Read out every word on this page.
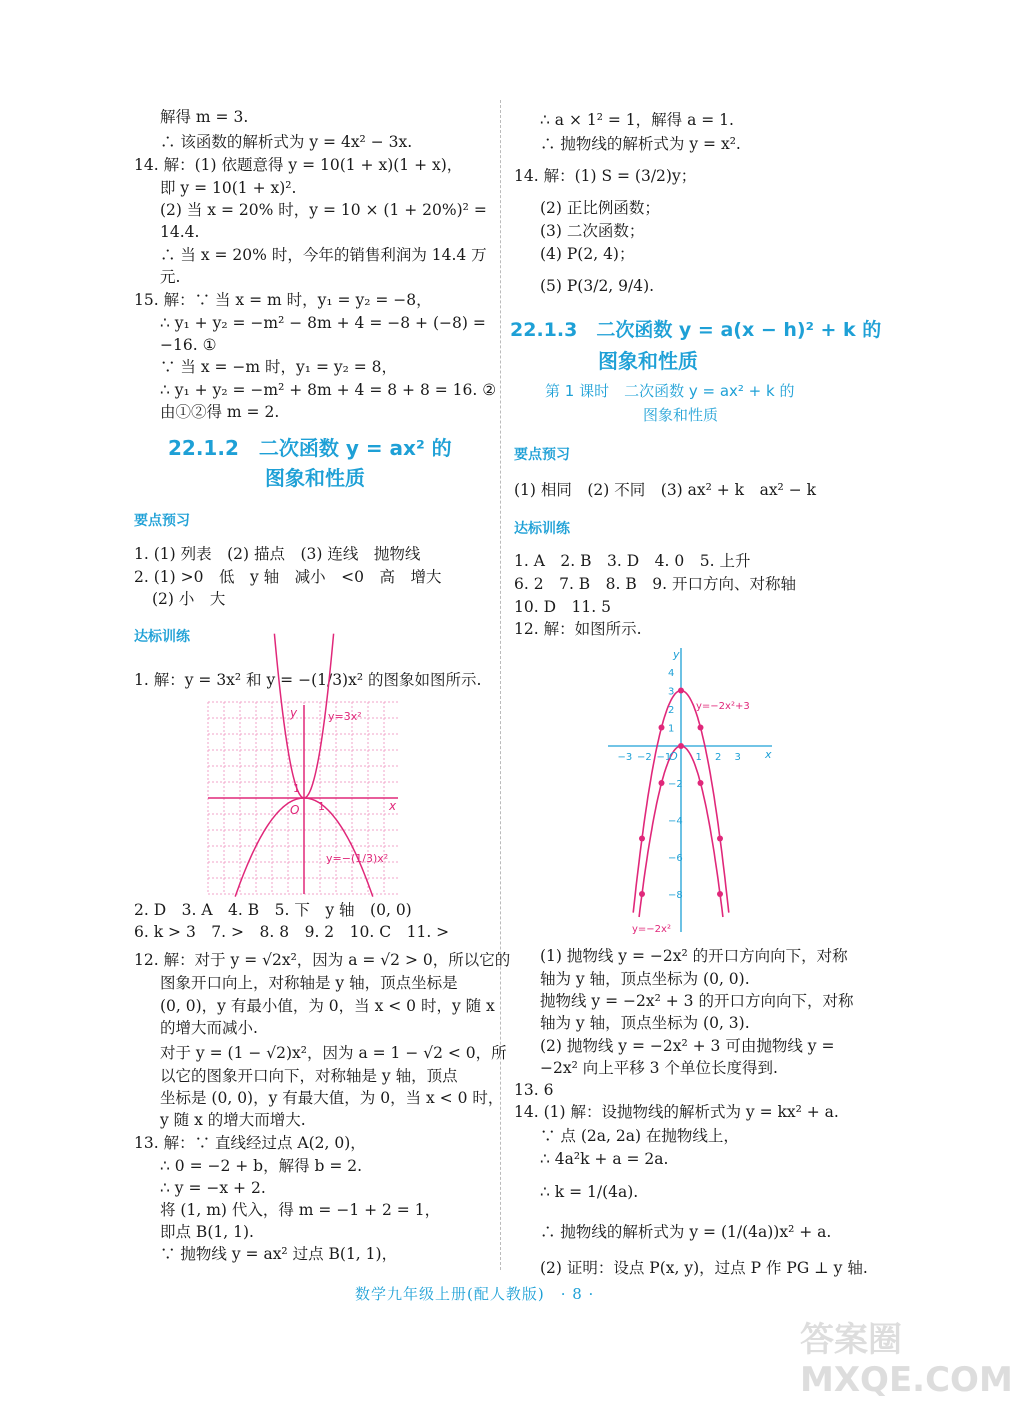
解得 m = 3.
∴ 该函数的解析式为 y = 4x² − 3x.
14. 解：(1) 依题意得 y = 10(1 + x)(1 + x)，
即 y = 10(1 + x)².
(2) 当 x = 20% 时，y = 10 × (1 + 20%)² =
14.4.
∴ 当 x = 20% 时，今年的销售利润为 14.4 万
元.
15. 解：∵ 当 x = m 时，y₁ = y₂ = −8，
∴ y₁ + y₂ = −m² − 8m + 4 = −8 + (−8) =
−16. ①
∵ 当 x = −m 时，y₁ = y₂ = 8，
∴ y₁ + y₂ = −m² + 8m + 4 = 8 + 8 = 16. ②
由①②得 m = 2.
22.1.2　二次函数 y = ax² 的
图象和性质
要点预习
1. (1) 列表　(2) 描点　(3) 连线　抛物线
2. (1) >0　低　y 轴　减小　<0　高　增大
(2) 小　大
达标训练
1. 解：y = 3x² 和 y = −(1/3)x² 的图象如图所示.
y
x
O
1
1
y=3x²
y=−(1/3)x²
2. D　3. A　4. B　5. 下　y 轴　(0, 0)
6. k > 3　7. >　8. 8　9. 2　10. C　11. >
12. 解：对于 y = √2x²，因为 a = √2 > 0，所以它的
图象开口向上，对称轴是 y 轴，顶点坐标是
(0, 0)，y 有最小值，为 0，当 x < 0 时，y 随 x
的增大而减小.
对于 y = (1 − √2)x²，因为 a = 1 − √2 < 0，所
以它的图象开口向下，对称轴是 y 轴，顶点
坐标是 (0, 0)，y 有最大值，为 0，当 x < 0 时，
y 随 x 的增大而增大.
13. 解：∵ 直线经过点 A(2, 0)，
∴ 0 = −2 + b，解得 b = 2.
∴ y = −x + 2.
将 (1, m) 代入，得 m = −1 + 2 = 1，
即点 B(1, 1).
∵ 抛物线 y = ax² 过点 B(1, 1)，
∴ a × 1² = 1，解得 a = 1.
∴ 抛物线的解析式为 y = x².
14. 解：(1) S = (3/2)y；
(2) 正比例函数；
(3) 二次函数；
(4) P(2, 4)；
(5) P(3/2, 9/4).
22.1.3　二次函数 y = a(x − h)² + k 的
图象和性质
第 1 课时　二次函数 y = ax² + k 的
图象和性质
要点预习
(1) 相同　(2) 不同　(3) ax² + k　ax² − k
达标训练
1. A　2. B　3. D　4. 0　5. 上升
6. 2　7. B　8. B　9. 开口方向、对称轴
10. D　11. 5
12. 解：如图所示.
−3 −2 −1 1 2 3
4
3
2
1
−2
−4
−6
−8
y
x
O
y=−2x²+3
y=−2x²
(1) 抛物线 y = −2x² 的开口方向向下，对称
轴为 y 轴，顶点坐标为 (0, 0).
抛物线 y = −2x² + 3 的开口方向向下，对称
轴为 y 轴，顶点坐标为 (0, 3).
(2) 抛物线 y = −2x² + 3 可由抛物线 y =
−2x² 向上平移 3 个单位长度得到.
13. 6
14. (1) 解：设抛物线的解析式为 y = kx² + a.
∵ 点 (2a, 2a) 在抛物线上，
∴ 4a²k + a = 2a.
∴ k = 1/(4a).
∴ 抛物线的解析式为 y = (1/(4a))x² + a.
(2) 证明：设点 P(x, y)，过点 P 作 PG ⊥ y 轴.
数学九年级上册(配人教版)　· 8 ·
答案圈
MXQE.COM
